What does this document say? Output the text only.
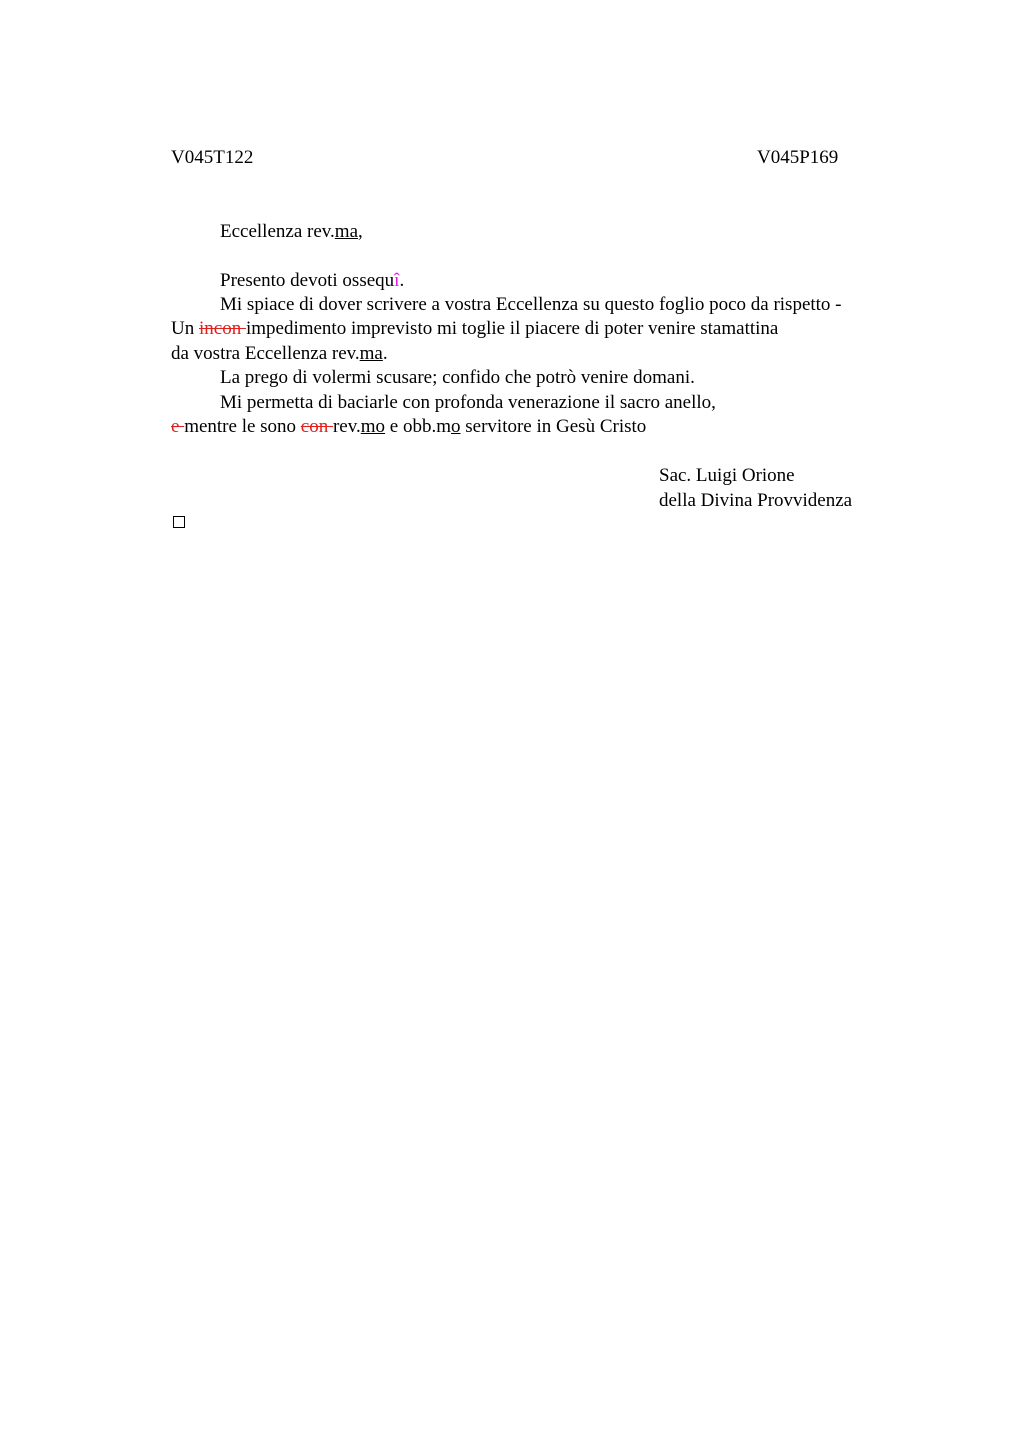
V045T122	V045P169
Eccellenza rev.ma,
Presento devoti ossequî.
Mi spiace di dover scrivere a vostra Eccellenza su questo foglio poco da rispetto -
Un incon impedimento imprevisto mi toglie il piacere di poter venire stamattina
da vostra Eccellenza rev.ma.
La prego di volermi scusare; confido che potrò venire domani.
Mi permetta di baciarle con profonda venerazione il sacro anello,
e mentre le sono con rev.mo e obb.mo servitore in Gesù Cristo
Sac. Luigi Orione
della Divina Provvidenza
